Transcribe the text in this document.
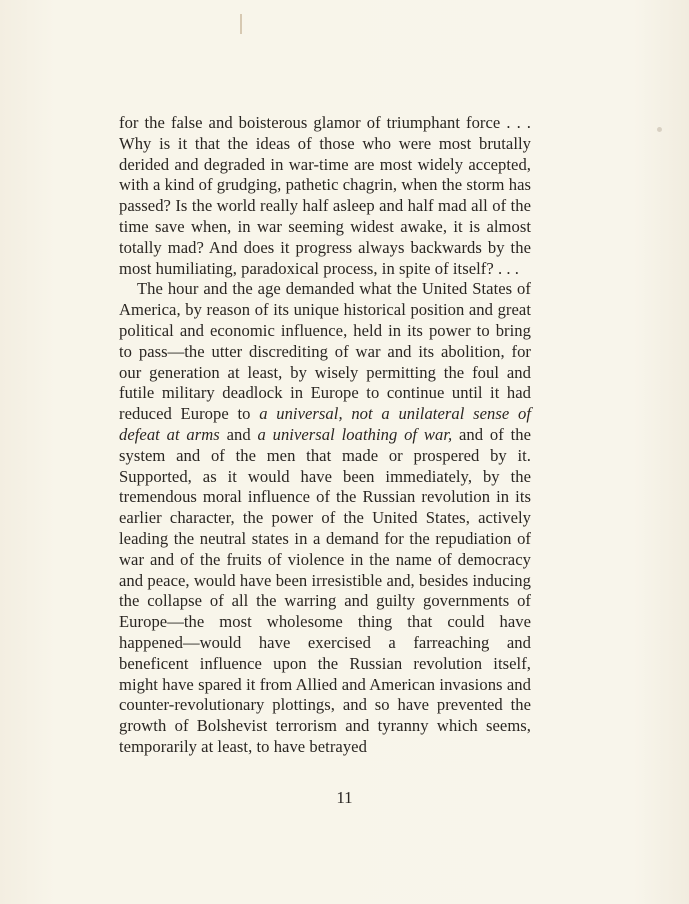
for the false and boisterous glamor of triumphant force . . . Why is it that the ideas of those who were most brutally derided and degraded in war-time are most widely accepted, with a kind of grudging, pathetic chagrin, when the storm has passed? Is the world really half asleep and half mad all of the time save when, in war seeming widest awake, it is almost totally mad? And does it progress always backwards by the most humiliating, paradoxical process, in spite of itself? . . .

The hour and the age demanded what the United States of America, by reason of its unique historical position and great political and economic influence, held in its power to bring to pass—the utter discrediting of war and its abolition, for our generation at least, by wisely permitting the foul and futile military deadlock in Europe to continue until it had reduced Europe to a universal, not a unilateral sense of defeat at arms and a universal loathing of war, and of the system and of the men that made or prospered by it. Supported, as it would have been immediately, by the tremendous moral influence of the Russian revolution in its earlier character, the power of the United States, actively leading the neutral states in a demand for the repudiation of war and of the fruits of violence in the name of democracy and peace, would have been irresistible and, besides inducing the collapse of all the warring and guilty governments of Europe—the most wholesome thing that could have happened—would have exercised a farreaching and beneficent influence upon the Russian revolution itself, might have spared it from Allied and American invasions and counter-revolutionary plottings, and so have prevented the growth of Bolshevist terrorism and tyranny which seems, temporarily at least, to have betrayed

11
